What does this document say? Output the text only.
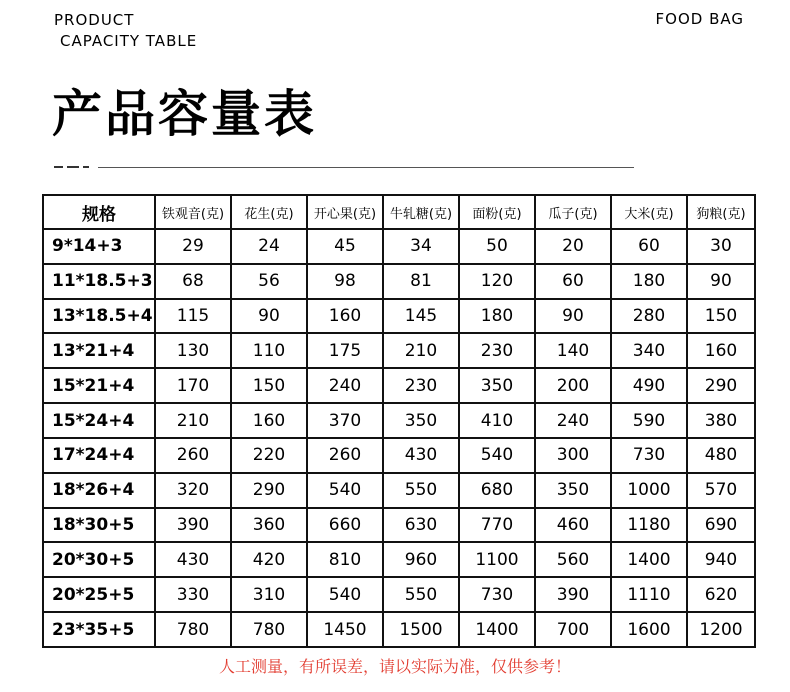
PRODUCT
CAPACITY TABLE
FOOD BAG
产品容量表
规格	铁观音(克)	花生(克)	开心果(克)	牛轧糖(克)	面粉(克)	瓜子(克)	大米(克)	狗粮(克)
9*14+3	29	24	45	34	50	20	60	30
11*18.5+3	68	56	98	81	120	60	180	90
13*18.5+4	115	90	160	145	180	90	280	150
13*21+4	130	110	175	210	230	140	340	160
15*21+4	170	150	240	230	350	200	490	290
15*24+4	210	160	370	350	410	240	590	380
17*24+4	260	220	260	430	540	300	730	480
18*26+4	320	290	540	550	680	350	1000	570
18*30+5	390	360	660	630	770	460	1180	690
20*30+5	430	420	810	960	1100	560	1400	940
20*25+5	330	310	540	550	730	390	1110	620
23*35+5	780	780	1450	1500	1400	700	1600	1200
人工测量，有所误差，请以实际为准，仅供参考！
